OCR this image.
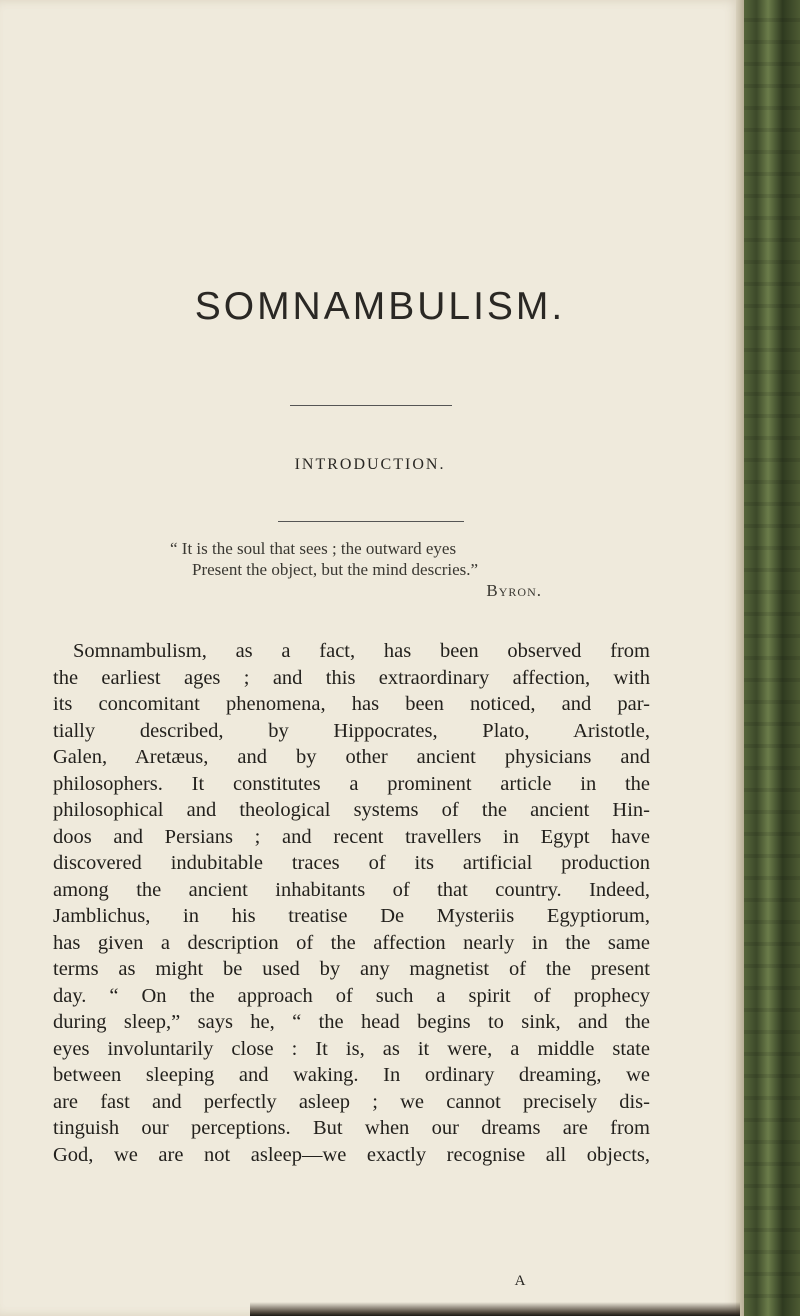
SOMNAMBULISM.
INTRODUCTION.
“ It is the soul that sees ; the outward eyes
Present the object, but the mind descries.”
Byron.
Somnambulism, as a fact, has been observed from
the earliest ages ; and this extraordinary affection, with
its concomitant phenomena, has been noticed, and par-
tially described, by Hippocrates, Plato, Aristotle,
Galen, Aretæus, and by other ancient physicians and
philosophers. It constitutes a prominent article in the
philosophical and theological systems of the ancient Hin-
doos and Persians ; and recent travellers in Egypt have
discovered indubitable traces of its artificial production
among the ancient inhabitants of that country. Indeed,
Jamblichus, in his treatise De Mysteriis Egyptiorum,
has given a description of the affection nearly in the same
terms as might be used by any magnetist of the present
day. “ On the approach of such a spirit of prophecy
during sleep,” says he, “ the head begins to sink, and the
eyes involuntarily close : It is, as it were, a middle state
between sleeping and waking. In ordinary dreaming, we
are fast and perfectly asleep ; we cannot precisely dis-
tinguish our perceptions. But when our dreams are from
God, we are not asleep—we exactly recognise all objects,
A
